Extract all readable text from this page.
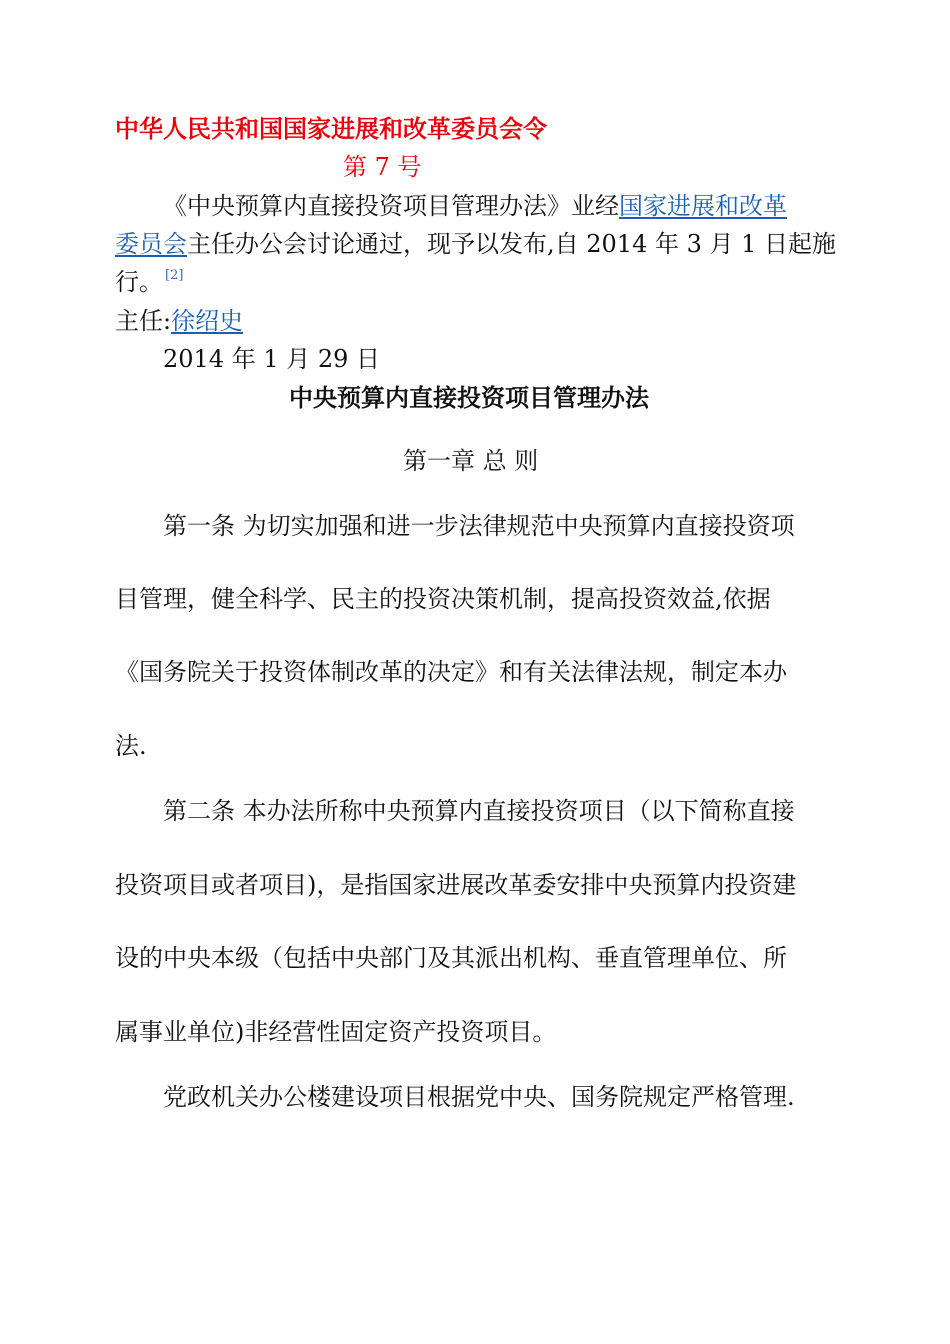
中华人民共和国国家进展和改革委员会令
第 7 号
《中央预算内直接投资项目管理办法》业经国家进展和改革
委员会主任办公会讨论通过，现予以发布,自 2014 年 3 月 1 日起施
行。 [2]
主任:徐绍史
2014 年 1 月 29 日
中央预算内直接投资项目管理办法
第一章 总 则
第一条 为切实加强和进一步法律规范中央预算内直接投资项
目管理，健全科学、民主的投资决策机制，提高投资效益,依据
《国务院关于投资体制改革的决定》和有关法律法规，制定本办
法.
第二条 本办法所称中央预算内直接投资项目（以下简称直接
投资项目或者项目)，是指国家进展改革委安排中央预算内投资建
设的中央本级（包括中央部门及其派出机构、垂直管理单位、所
属事业单位)非经营性固定资产投资项目。
党政机关办公楼建设项目根据党中央、国务院规定严格管理.
